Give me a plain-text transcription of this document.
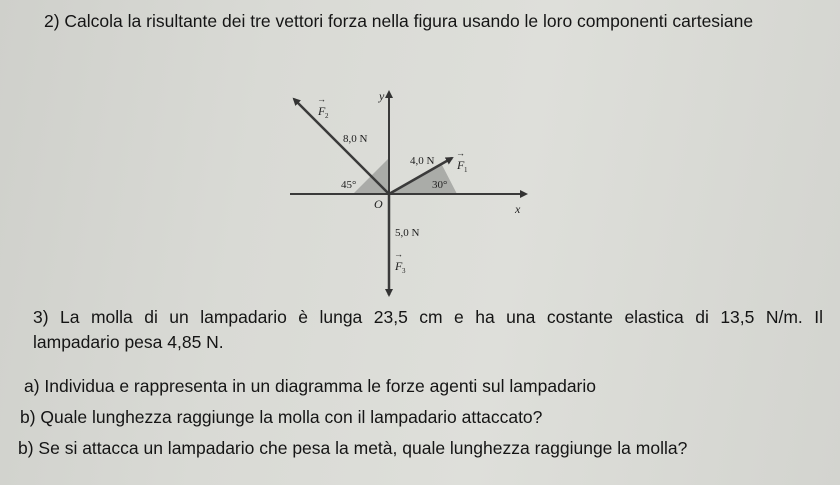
2) Calcola la risultante dei tre vettori forza nella figura usando le loro componenti cartesiane
y
x
O
→
F 2
→
F 1
→
F 3
8,0 N
4,0 N
5,0 N
45°	30°
3) La molla di un lampadario è lunga 23,5 cm e ha una costante elastica di 13,5 N/m. Il
lampadario pesa 4,85 N.
a) Individua e rappresenta in un diagramma le forze agenti sul lampadario
b) Quale lunghezza raggiunge la molla con il lampadario attaccato?
b) Se si attacca un lampadario che pesa la metà, quale lunghezza raggiunge la molla?
